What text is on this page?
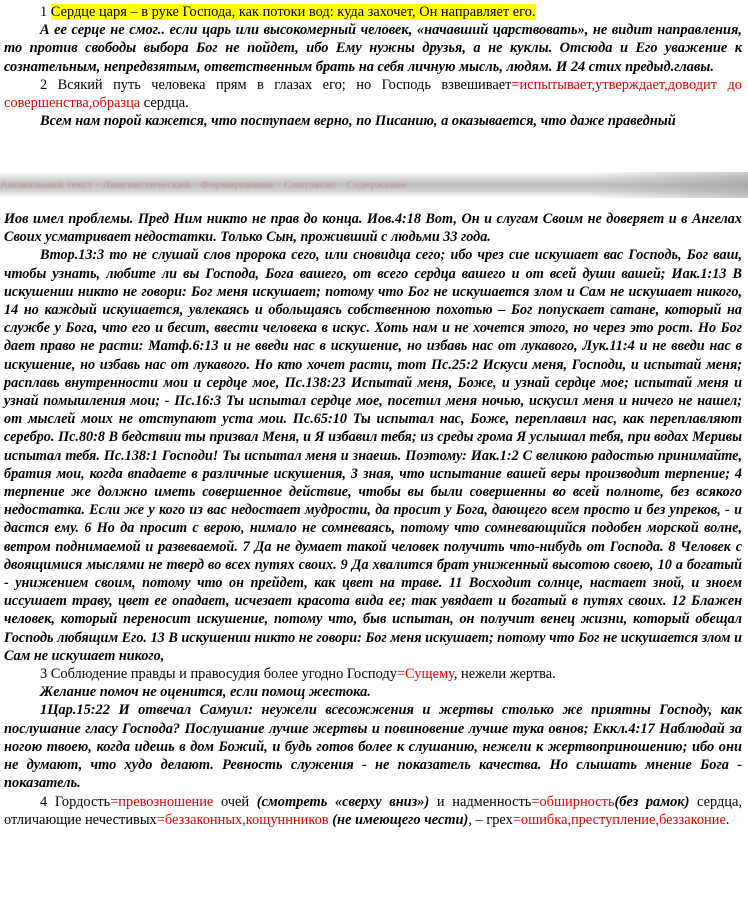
1 Сердце царя – в руке Господа, как потоки вод: куда захочет, Он направляет его.

А ее серце не смог.. если царь или высокомерный человек, «начавший царствовать», не видит направления, то против свободы выбора Бог не пойдет, ибо Ему нужны друзья, а не куклы. Отсюда и Его уважение к сознательным, непредвзятым, ответственным брать на себя личную мысль, людям. И 24 стих предыд.главы.

2 Всякий путь человека прям в глазах его; но Господь взвешивает=испытывает,утверждает,доводит до совершенства,образца сердца.

Всем нам порой кажется, что поступаем верно, по Писанию, а оказывается, что даже праведный

Аномальный текст · Лингвистический · Формирование · Синтаксис · Содержание

Иов имел проблемы. Пред Ним никто не прав до конца. Иов.4:18 Вот, Он и слугам Своим не доверяет и в Ангелах Своих усматривает недостатки. Только Сын, проживший с людьми 33 года.

Втор.13:3 то не слушай слов пророка сего, или сновидца сего; ибо чрез сие искушает вас Господь, Бог ваш, чтобы узнать, любите ли вы Господа, Бога вашего, от всего сердца вашего и от всей души вашей; Иак.1:13 В искушении никто не говори: Бог меня искушает; потому что Бог не искушается злом и Сам не искушает никого, 14 но каждый искушается, увлекаясь и обольщаясь собственною похотью – Бог попускает сатане, который на службе у Бога, что его и бесит, ввести человека в искус. Хоть нам и не хочется этого, но через это рост. Но Бог дает право не расти: Матф.6:13 и не введи нас в искушение, но избавь нас от лукавого, Лук.11:4 и не введи нас в искушение, но избавь нас от лукавого. Но кто хочет расти, тот Пс.25:2 Искуси меня, Господи, и испытай меня; расплавь внутренности мои и сердце мое, Пс.138:23 Испытай меня, Боже, и узнай сердце мое; испытай меня и узнай помышления мои; - Пс.16:3 Ты испытал сердце мое, посетил меня ночью, искусил меня и ничего не нашел; от мыслей моих не отступают уста мои. Пс.65:10 Ты испытал нас, Боже, переплавил нас, как переплавляют серебро. Пс.80:8 В бедствии ты призвал Меня, и Я избавил тебя; из среды грома Я услышал тебя, при водах Меривы испытал тебя. Пс.138:1 Господи! Ты испытал меня и знаешь. Поэтому: Иак.1:2 С великою радостью принимайте, братия мои, когда впадаете в различные искушения, 3 зная, что испытание вашей веры производит терпение; 4 терпение же должно иметь совершенное действие, чтобы вы были совершенны во всей полноте, без всякого недостатка. Если же у кого из вас недостает мудрости, да просит у Бога, дающего всем просто и без упреков, - и дастся ему. 6 Но да просит с верою, нимало не сомневаясь, потому что сомневающийся подобен морской волне, ветром поднимаемой и развеваемой. 7 Да не думает такой человек получить что-нибудь от Господа. 8 Человек с двоящимися мыслями не тверд во всех путях своих. 9 Да хвалится брат униженный высотою своею, 10 а богатый - унижением своим, потому что он прейдет, как цвет на траве. 11 Восходит солнце, настает зной, и зноем иссушает траву, цвет ее опадает, исчезает красота вида ее; так увядает и богатый в путях своих. 12 Блажен человек, который переносит искушение, потому что, быв испытан, он получит венец жизни, который обещал Господь любящим Его. 13 В искушении никто не говори: Бог меня искушает; потому что Бог не искушается злом и Сам не искушает никого,

3 Соблюдение правды и правосудия более угодно Господу=Сущему, нежели жертва.

Желание помоч не оценится, если помощ жестока.

1Цар.15:22 И отвечал Самуил: неужели всесожжения и жертвы столько же приятны Господу, как послушание гласу Господа? Послушание лучше жертвы и повиновение лучше тука овнов; Еккл.4:17 Наблюдай за ногою твоею, когда идешь в дом Божий, и будь готов более к слушанию, нежели к жертвоприношению; ибо они не думают, что худо делают. Ревность служения - не показатель качества. Но слышать мнение Бога - показатель.

4 Гордость=превозношение очей (смотреть «сверху вниз») и надменность=обширность(без рамок) сердца, отличающие нечестивых=беззаконных,кощуннников (не имеющего чести), – грех=ошибка,преступление,беззаконие.
